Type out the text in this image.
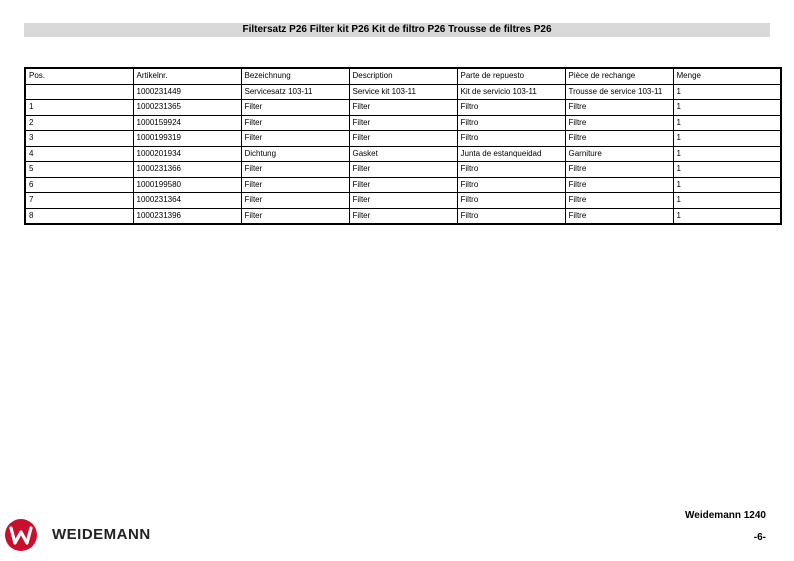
Filtersatz P26 Filter kit P26 Kit de filtro P26 Trousse de filtres P26
Pos.	Artikelnr.	Bezeichnung	Description	Parte de repuesto	Pièce de rechange	Menge
	1000231449	Servicesatz 103-11	Service kit 103-11	Kit de servicio 103-11	Trousse de service 103-11	1
1	1000231365	Filter	Filter	Filtro	Filtre	1
2	1000159924	Filter	Filter	Filtro	Filtre	1
3	1000199319	Filter	Filter	Filtro	Filtre	1
4	1000201934	Dichtung	Gasket	Junta de estanqueidad	Garniture	1
5	1000231366	Filter	Filter	Filtro	Filtre	1
6	1000199580	Filter	Filter	Filtro	Filtre	1
7	1000231364	Filter	Filter	Filtro	Filtre	1
8	1000231396	Filter	Filter	Filtro	Filtre	1
WEIDEMANN
Weidemann 1240
-6-
